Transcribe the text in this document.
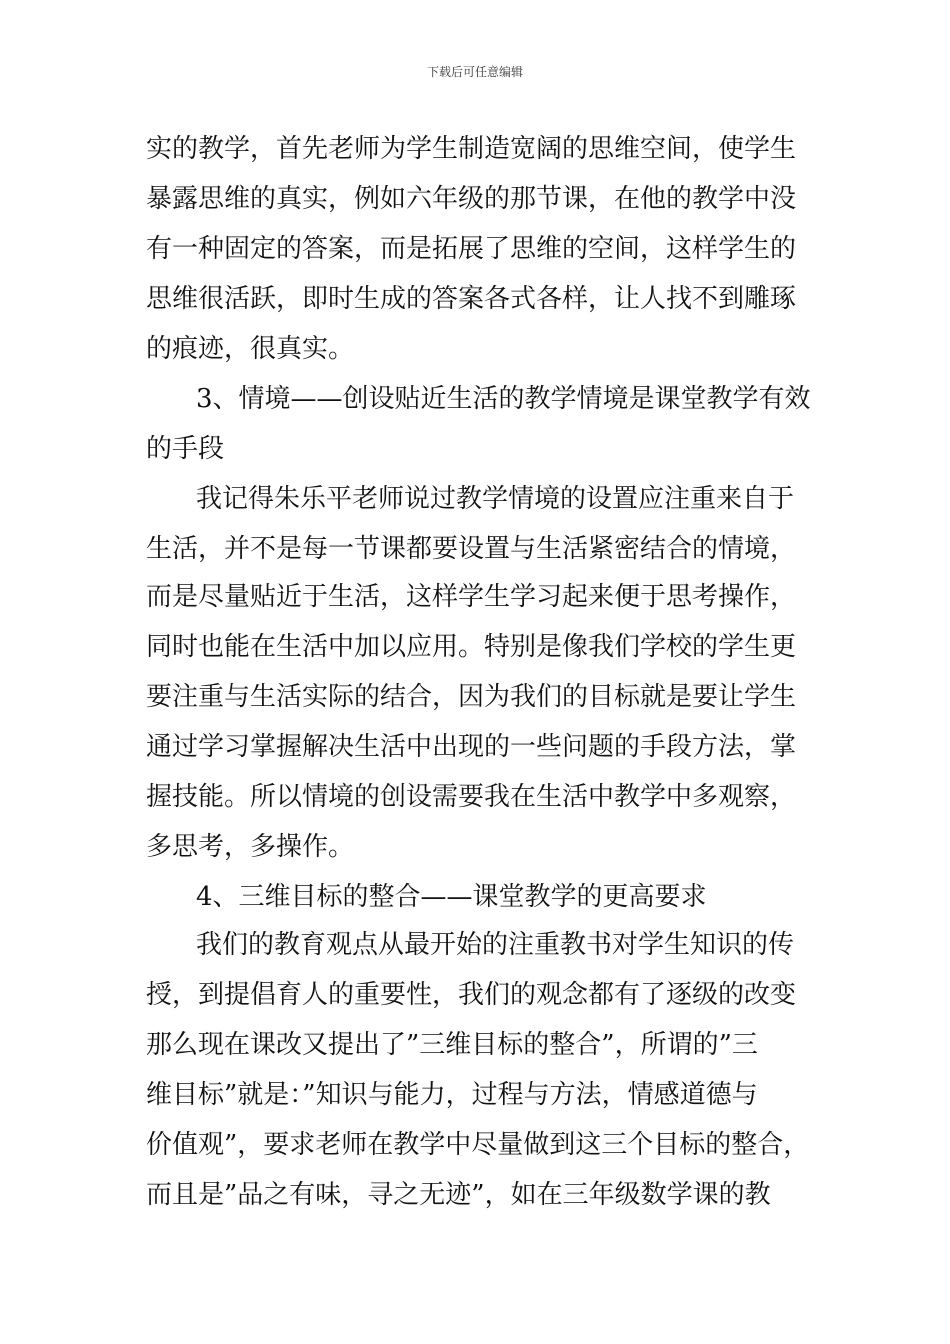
下载后可任意编辑
实的教学，首先老师为学生制造宽阔的思维空间，使学生
暴露思维的真实，例如六年级的那节课，在他的教学中没
有一种固定的答案，而是拓展了思维的空间，这样学生的
思维很活跃，即时生成的答案各式各样，让人找不到雕琢
的痕迹，很真实。
3、情境——创设贴近生活的教学情境是课堂教学有效
的手段
我记得朱乐平老师说过教学情境的设置应注重来自于
生活，并不是每一节课都要设置与生活紧密结合的情境，
而是尽量贴近于生活，这样学生学习起来便于思考操作，
同时也能在生活中加以应用。特别是像我们学校的学生更
要注重与生活实际的结合，因为我们的目标就是要让学生
通过学习掌握解决生活中出现的一些问题的手段方法，掌
握技能。所以情境的创设需要我在生活中教学中多观察，
多思考，多操作。
4、三维目标的整合——课堂教学的更高要求
我们的教育观点从最开始的注重教书对学生知识的传
授，到提倡育人的重要性，我们的观念都有了逐级的改变
那么现在课改又提出了”三维目标的整合”，所谓的”三
维目标”就是：”知识与能力，过程与方法，情感道德与
价值观”，要求老师在教学中尽量做到这三个目标的整合，
而且是”品之有味，寻之无迹”，如在三年级数学课的教
